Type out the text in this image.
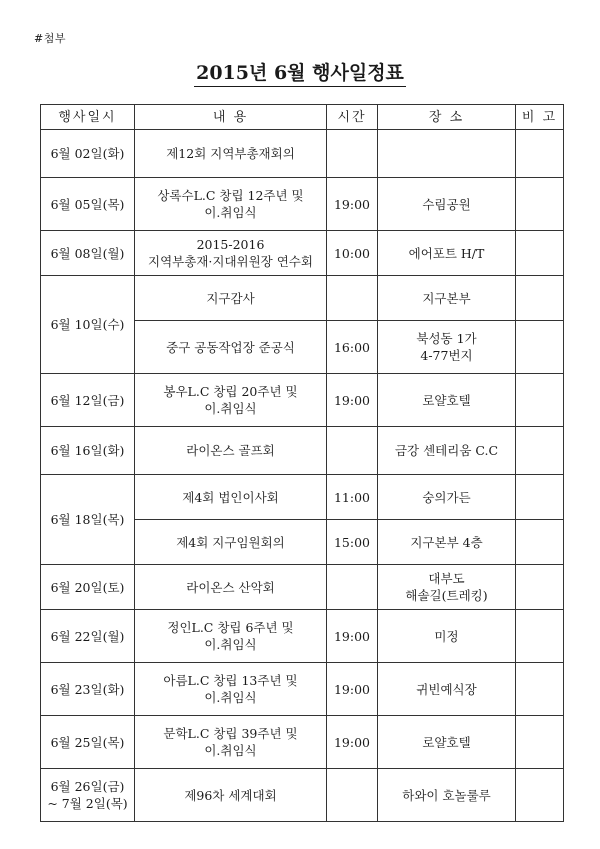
#첨부
2015년 6월 행사일정표
행사일시	내 용	시간	장 소	비 고

6월 02일(화)	제12회 지역부총재회의			

6월 05일(목)	상록수L.C 창립 12주년 및
이.취임식	19:00	수림공원	

6월 08일(월)	2015-2016
지역부총재·지대위원장 연수회	10:00	에어포트 H/T	

6월 10일(수)	지구감사		지구본부	

	중구 공동작업장 준공식	16:00	북성동 1가
4-77번지	

6월 12일(금)	봉우L.C 창립 20주년 및
이.취임식	19:00	로얄호텔	

6월 16일(화)	라이온스 골프회		금강 센테리움 C.C	

6월 18일(목)	제4회 법인이사회	11:00	숭의가든	

	제4회 지구임원회의	15:00	지구본부 4층	

6월 20일(토)	라이온스 산악회		대부도
해솔길(트레킹)	

6월 22일(월)	정인L.C 창립 6주년 및
이.취임식	19:00	미정	

6월 23일(화)	아름L.C 창립 13주년 및
이.취임식	19:00	귀빈예식장	

6월 25일(목)	문학L.C 창립 39주년 및
이.취임식	19:00	로얄호텔	

6월 26일(금)
~ 7월 2일(목)	제96차 세계대회		하와이 호놀룰루	
